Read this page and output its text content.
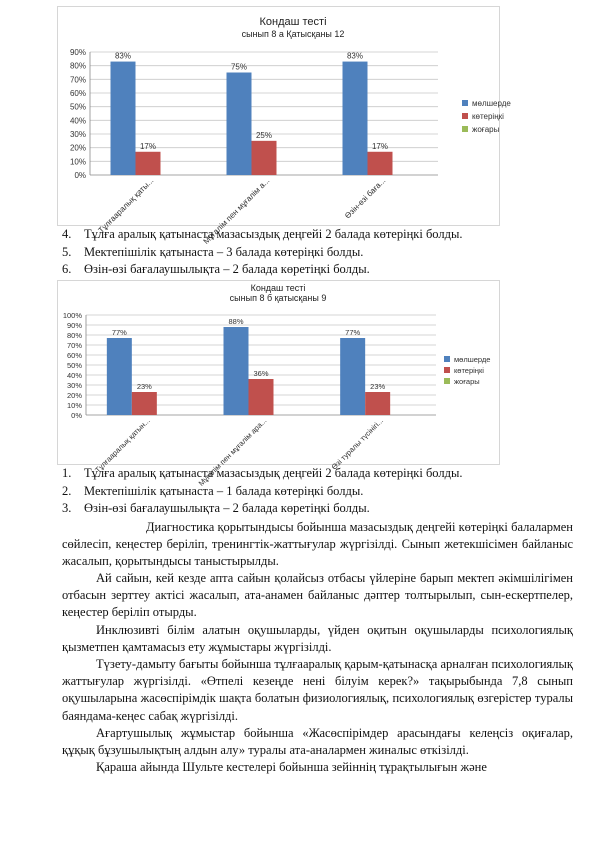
Кондаш тесті
сынып 8 а Қатысқаны 12
0%
10%
20%
30%
40%
50%
60%
70%
80%
90%	83%
17%
Тұлғааралық қаты...
75%
25%
Мұғалім пен мұғалім а...
83%
17%
Өзін-өзі баға...
мөлшерде
көтеріңкі
жоғары
4. Тұлға аралық қатынаста мазасыздық деңгейі 2 балада көтеріңкі болды.
5. Мектепішілік қатынаста – 3 балада көтеріңкі болды.
6. Өзін-өзі бағалаушылықта – 2 балада көретіңкі болды.
Кондаш тесті
сынып 8 б қатысқаны 9
0%
10%
20%
30%
40%
50%
60%
70%
80%
90%
100%
77%
23%
Тұлғааралық қатын...
88%
36%
Мұғалім пен мұғалім ара...
77%
23%
Өзі туралы түсінігі...
мөлшерде
көтеріңкі
жоғары
1. Тұлға аралық қатынаста мазасыздық деңгейі 2 балада көтеріңкі болды.
2. Мектепішілік қатынаста – 1 балада көтеріңкі болды.
3. Өзін-өзі бағалаушылықта – 2 балада көретіңкі болды.

Диагностика қорытындысы бойынша мазасыздық деңгейі көтеріңкі балалармен сөйлесіп, кеңестер беріліп, тренингтік-жаттығулар жүргізілді. Сынып жетекшісімен байланыс жасалып, қорытындысы таныстырылды.

Ай сайын, кей кезде апта сайын қолайсыз отбасы үйлеріне барып мектеп әкімшілігімен отбасын зерттеу актісі жасалып, ата-анамен байланыс дәптер толтырылып, сын-ескертпелер, кеңестер беріліп отырды.

Инклюзивті білім алатын оқушыларды, үйден оқитын оқушыларды психологиялық қызметпен қамтамасыз ету жұмыстары жүргізілді.

Түзету-дамыту бағыты бойынша тұлғааралық қарым-қатынасқа арналған психологиялық жаттығулар жүргізілді. «Өтпелі кезеңде нені білуім керек?» тақырыбында 7,8 сынып оқушыларына жасөспірімдік шақта болатын физиологиялық, психологиялық өзгерістер туралы баяндама-кеңес сабақ жүргізілді.

Ағартушылық жұмыстар бойынша «Жасөспірімдер арасындағы келеңсіз оқиғалар, құқық бұзушылықтың алдын алу» туралы ата-аналармен жиналыс өткізілді.

Қараша айында Шульте кестелері бойынша зейіннің тұрақтылығын және
